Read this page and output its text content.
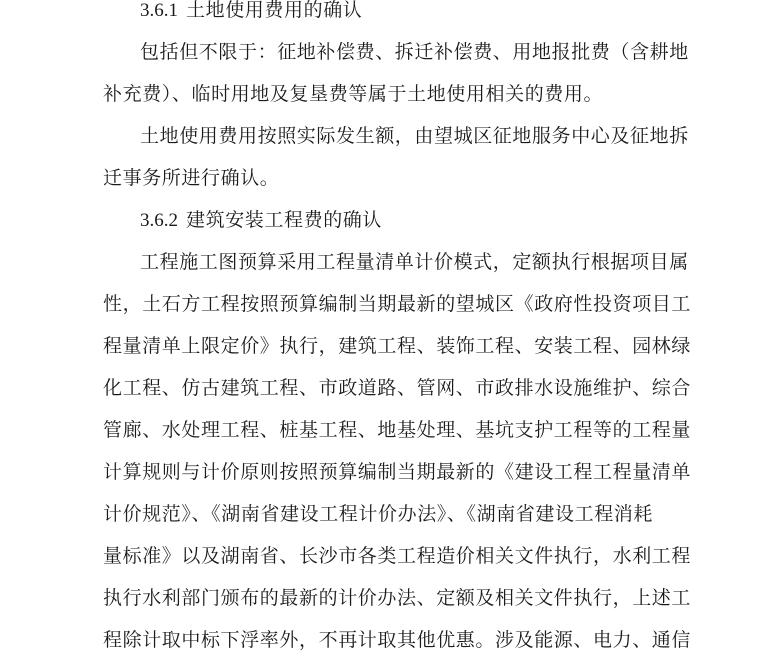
3.6.1 土地使用费用的确认
包括但不限于：征地补偿费、拆迁补偿费、用地报批费（含耕地
补充费）、临时用地及复垦费等属于土地使用相关的费用。
土地使用费用按照实际发生额，由望城区征地服务中心及征地拆
迁事务所进行确认。
3.6.2 建筑安装工程费的确认
工程施工图预算采用工程量清单计价模式，定额执行根据项目属
性，土石方工程按照预算编制当期最新的望城区《政府性投资项目工
程量清单上限定价》执行，建筑工程、装饰工程、安装工程、园林绿
化工程、仿古建筑工程、市政道路、管网、市政排水设施维护、综合
管廊、水处理工程、桩基工程、地基处理、基坑支护工程等的工程量
计算规则与计价原则按照预算编制当期最新的《建设工程工程量清单
计价规范》、《湖南省建设工程计价办法》、《湖南省建设工程消耗
量标准》以及湖南省、长沙市各类工程造价相关文件执行，水利工程
执行水利部门颁布的最新的计价办法、定额及相关文件执行，上述工
程除计取中标下浮率外，不再计取其他优惠。涉及能源、电力、通信
